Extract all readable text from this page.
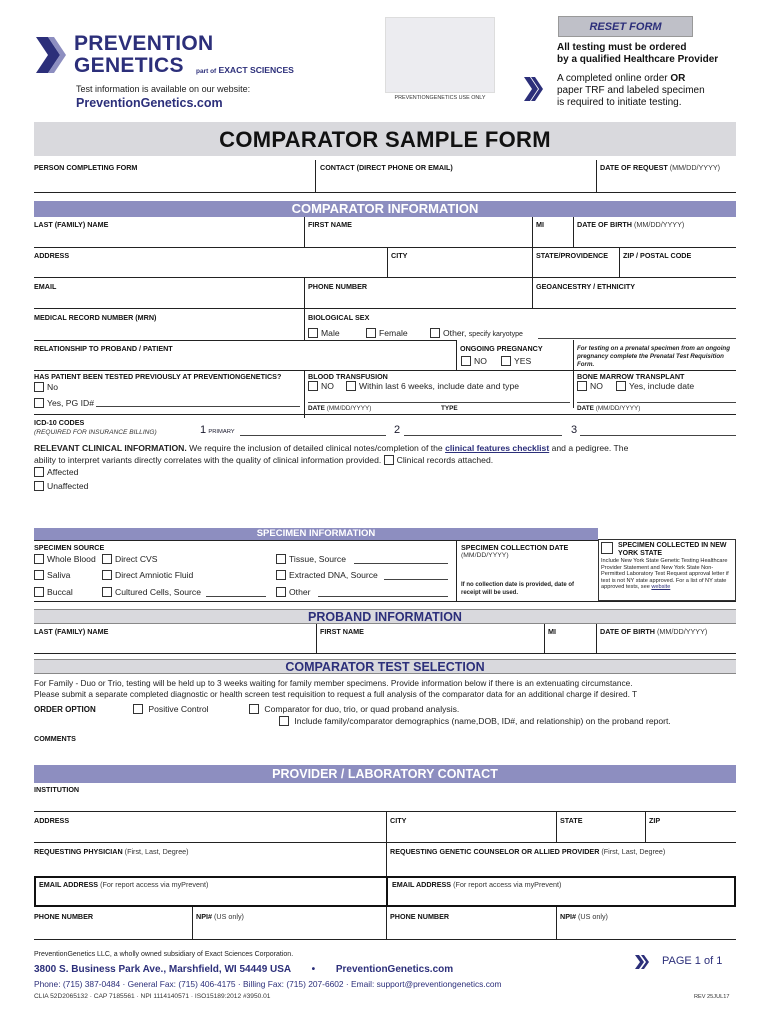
PREVENTION
GENETICS part of EXACT SCIENCES
Test information is available on our website:
PreventionGenetics.com	PREVENTIONGENETICS USE ONLY
RESET FORM
All testing must be ordered
by a qualified Healthcare Provider
A completed online order OR
paper TRF and labeled specimen
is required to initiate testing.
COMPARATOR SAMPLE FORM
PERSON COMPLETING FORM	CONTACT (DIRECT PHONE OR EMAIL)	DATE OF REQUEST (MM/DD/YYYY)
COMPARATOR INFORMATION
LAST (FAMILY) NAME	FIRST NAME	MI	DATE OF BIRTH (MM/DD/YYYY)
ADDRESS	CITY	STATE/PROVIDENCE ZIP / POSTAL CODE
EMAIL	PHONE NUMBER	GEOANCESTRY / ETHNICITY
MEDICAL RECORD NUMBER (MRN)	BIOLOGICAL SEX
Male	Female	Other, specify karyotype
RELATIONSHIP TO PROBAND / PATIENT	ONGOING PREGNANCY
NO	YES
For testing on a prenatal specimen from an ongoing pregnancy complete the Prenatal Test Requisition Form.
HAS PATIENT BEEN TESTED PREVIOUSLY AT PREVENTIONGENETICS?
No
Yes, PG ID#
BLOOD TRANSFUSION
NO	Within last 6 weeks, include date and type
DATE (MM/DD/YYYY)	TYPE
BONE MARROW TRANSPLANT
NO	Yes, include date
DATE (MM/DD/YYYY)
ICD-10 CODES
(REQUIRED FOR INSURANCE BILLING)	1 PRIMARY	2	3
RELEVANT CLINICAL INFORMATION. We require the inclusion of detailed clinical notes/completion of the clinical features checklist and a pedigree. The
ability to interpret variants directly correlates with the quality of clinical information provided. Clinical records attached.
Affected
Unaffected
SPECIMEN INFORMATION
SPECIMEN SOURCE
Whole Blood	Direct CVS	Tissue, Source
Saliva	Direct Amniotic Fluid	Extracted DNA, Source
Buccal	Cultured Cells, Source	Other
SPECIMEN COLLECTION DATE
(MM/DD/YYYY)
If no collection date is provided, date of receipt will be used.
SPECIMEN COLLECTED IN NEW YORK STATE
Include New York State Genetic Testing Healthcare Provider Statement and New York State Non-Permitted Laboratory Test Request approval letter if test is not NY state approved. For a list of NY state approved tests, see website
PROBAND INFORMATION
LAST (FAMILY) NAME	FIRST NAME	MI	DATE OF BIRTH (MM/DD/YYYY)
COMPARATOR TEST SELECTION
For Family - Duo or Trio, testing will be held up to 3 weeks waiting for family member specimens. Provide information below if there is an extenuating circumstance.
Please submit a separate completed diagnostic or health screen test requisition to request a full analysis of the comparator data for an additional charge if desired. T
ORDER OPTION	Positive Control	Comparator for duo, trio, or quad proband analysis.
Include family/comparator demographics (name,DOB, ID#, and relationship) on the proband report.
COMMENTS
PROVIDER / LABORATORY CONTACT
INSTITUTION
ADDRESS	CITY	STATE	ZIP
REQUESTING PHYSICIAN (First, Last, Degree)	REQUESTING GENETIC COUNSELOR OR ALLIED PROVIDER (First, Last, Degree)
EMAIL ADDRESS (For report access via myPrevent)	EMAIL ADDRESS (For report access via myPrevent)
PHONE NUMBER	NPI# (US only)	PHONE NUMBER	NPI# (US only)
PreventionGenetics LLC, a wholly owned subsidiary of Exact Sciences Corporation.
3800 S. Business Park Ave., Marshfield, WI 54449 USA • PreventionGenetics.com
Phone: (715) 387-0484 · General Fax: (715) 406-4175 · Billing Fax: (715) 207-6602 · Email: support@preventiongenetics.com
CLIA 52D2065132 · CAP 7185561 · NPI 1114140571 · ISO15189:2012 #3950.01
PAGE 1 of 1
REV 25JUL17
